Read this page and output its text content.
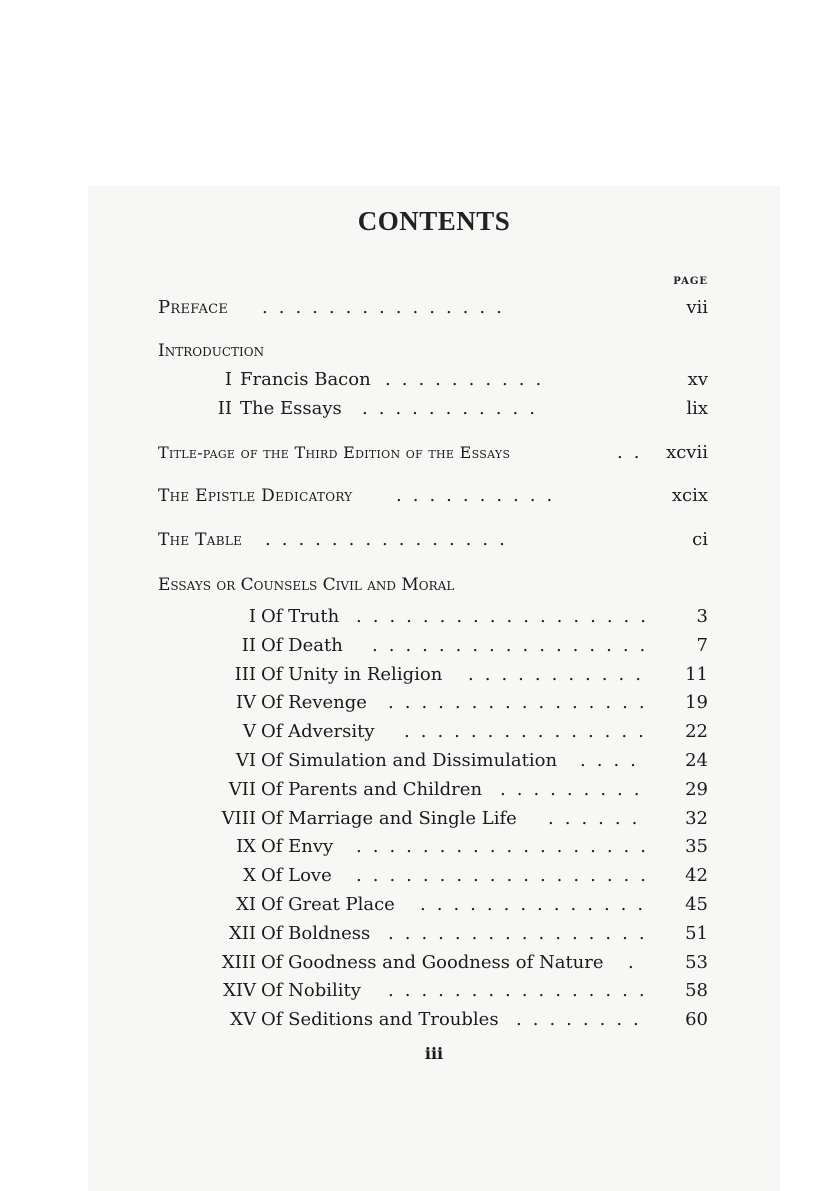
CONTENTS
PAGE
Preface ...............	vii
Introduction
I Francis Bacon ..........	xv
II The Essays ...........	lix
Title-page of the Third Edition of the Essays	.. xcvii
The Epistle Dedicatory ..........	xcix
The Table ...............	ci
Essays or Counsels Civil and Moral
I Of Truth .................. 3
II Of Death ................. 7
III Of Unity in Religion ........... 11
IV Of Revenge ................ 19
V Of Adversity ............... 22
VI Of Simulation and Dissimulation .... 24
VII Of Parents and Children ......... 29
VIII Of Marriage and Single Life ...... 32
IX Of Envy .................. 35
X Of Love .................. 42
XI Of Great Place .............. 45
XII Of Boldness ................ 51
XIII Of Goodness and Goodness of Nature . 53
XIV Of Nobility ................ 58
XV Of Seditions and Troubles ........ 60
iii
